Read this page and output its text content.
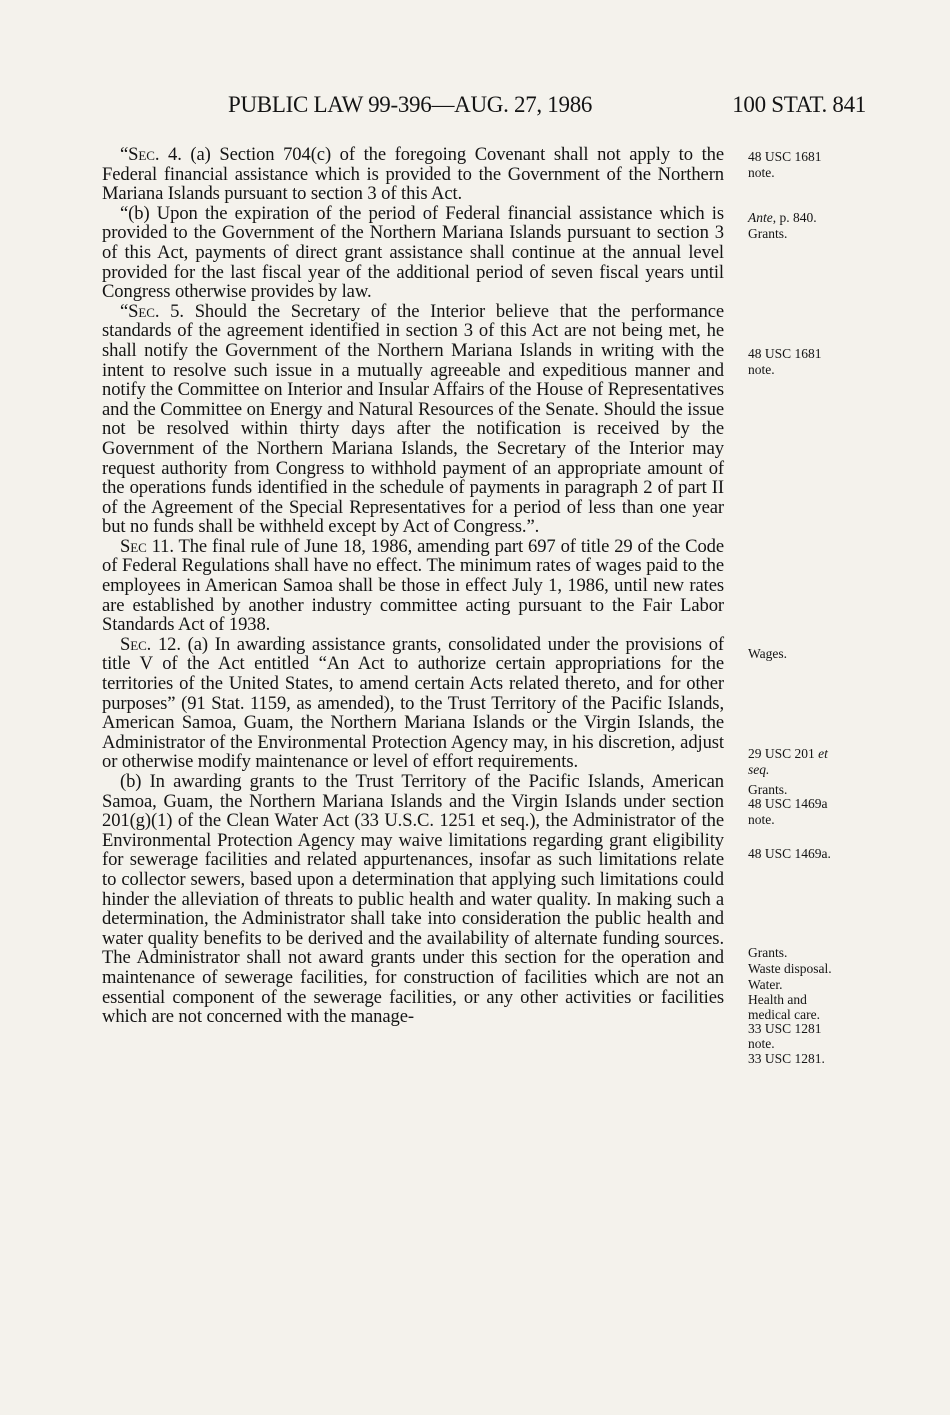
PUBLIC LAW 99-396—AUG. 27, 1986	100 STAT. 841

“Sec. 4. (a) Section 704(c) of the foregoing Covenant shall not apply to the Federal financial assistance which is provided to the Government of the Northern Mariana Islands pursuant to section 3 of this Act.

“(b) Upon the expiration of the period of Federal financial assistance which is provided to the Government of the Northern Mariana Islands pursuant to section 3 of this Act, payments of direct grant assistance shall continue at the annual level provided for the last fiscal year of the additional period of seven fiscal years until Congress otherwise provides by law.

“Sec. 5. Should the Secretary of the Interior believe that the performance standards of the agreement identified in section 3 of this Act are not being met, he shall notify the Government of the Northern Mariana Islands in writing with the intent to resolve such issue in a mutually agreeable and expeditious manner and notify the Committee on Interior and Insular Affairs of the House of Representatives and the Committee on Energy and Natural Resources of the Senate. Should the issue not be resolved within thirty days after the notification is received by the Government of the Northern Mariana Islands, the Secretary of the Interior may request authority from Congress to withhold payment of an appropriate amount of the operations funds identified in the schedule of payments in paragraph 2 of part II of the Agreement of the Special Representatives for a period of less than one year but no funds shall be withheld except by Act of Congress.”.

Sec 11. The final rule of June 18, 1986, amending part 697 of title 29 of the Code of Federal Regulations shall have no effect. The minimum rates of wages paid to the employees in American Samoa shall be those in effect July 1, 1986, until new rates are established by another industry committee acting pursuant to the Fair Labor Standards Act of 1938.

Sec. 12. (a) In awarding assistance grants, consolidated under the provisions of title V of the Act entitled “An Act to authorize certain appropriations for the territories of the United States, to amend certain Acts related thereto, and for other purposes” (91 Stat. 1159, as amended), to the Trust Territory of the Pacific Islands, American Samoa, Guam, the Northern Mariana Islands or the Virgin Islands, the Administrator of the Environmental Protection Agency may, in his discretion, adjust or otherwise modify maintenance or level of effort requirements.

(b) In awarding grants to the Trust Territory of the Pacific Islands, American Samoa, Guam, the Northern Mariana Islands and the Virgin Islands under section 201(g)(1) of the Clean Water Act (33 U.S.C. 1251 et seq.), the Administrator of the Environmental Protection Agency may waive limitations regarding grant eligibility for sewerage facilities and related appurtenances, insofar as such limitations relate to collector sewers, based upon a determination that applying such limitations could hinder the alleviation of threats to public health and water quality. In making such a determination, the Administrator shall take into consideration the public health and water quality benefits to be derived and the availability of alternate funding sources. The Administrator shall not award grants under this section for the operation and maintenance of sewerage facilities, for construction of facilities which are not an essential component of the sewerage facilities, or any other activities or facilities which are not concerned with the manage-

48 USC 1681
note.
Ante, p. 840.
Grants.
48 USC 1681
note.
Wages.
29 USC 201 et
seq.
Grants.
48 USC 1469a
note.
48 USC 1469a.
Grants.
Waste disposal.
Water.
Health and
medical care.
33 USC 1281
note.
33 USC 1281.
